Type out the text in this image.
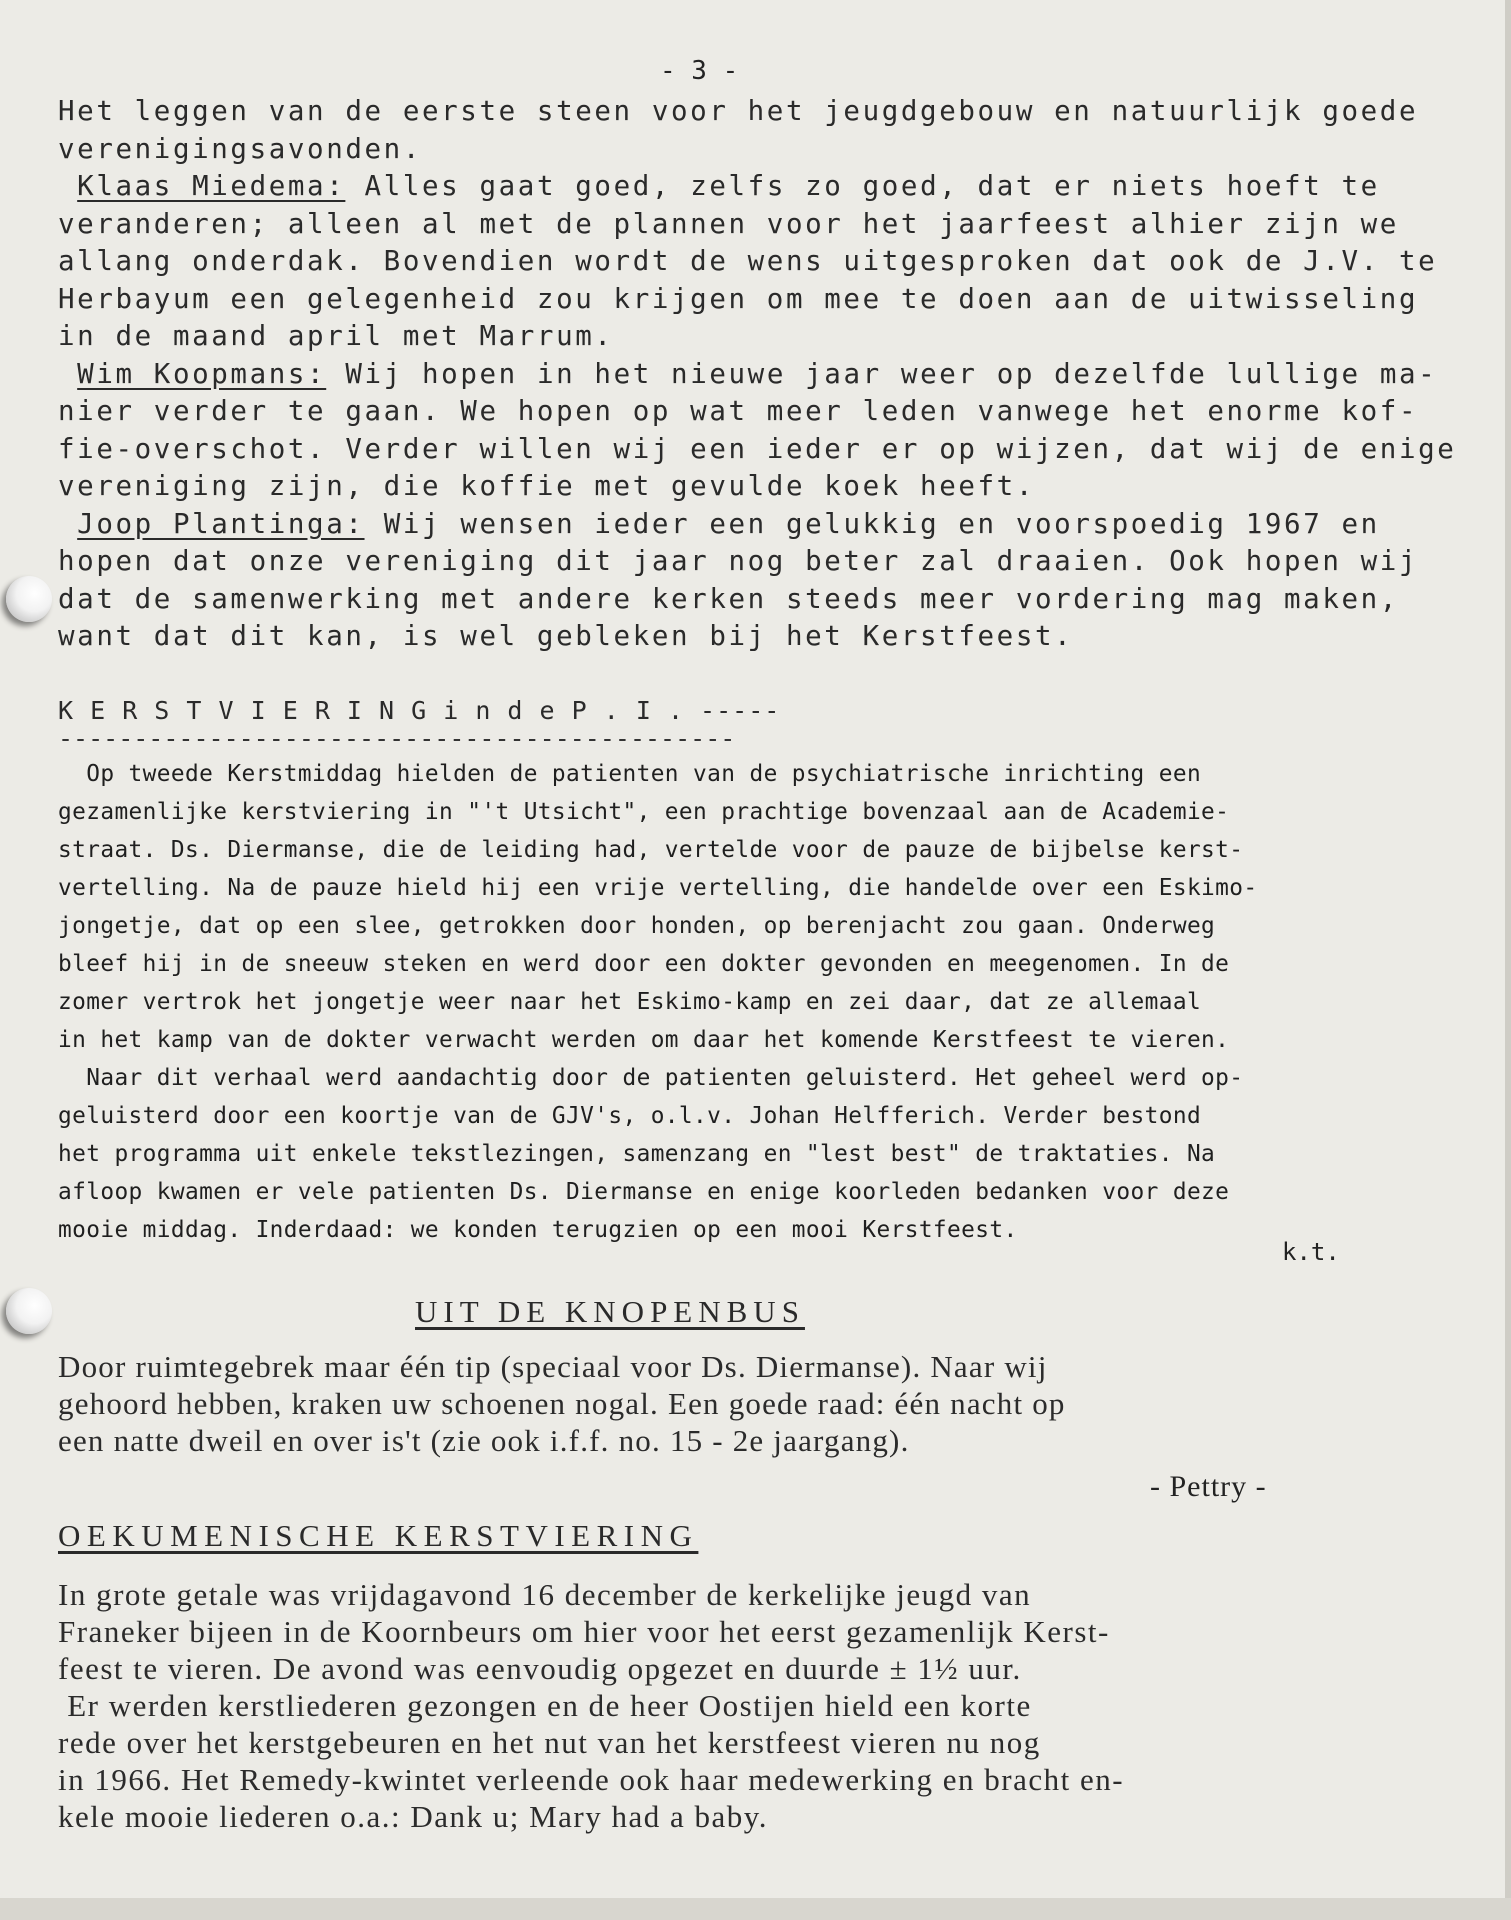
- 3 -
Het leggen van de eerste steen voor het jeugdgebouw en natuurlijk goede
verenigingsavonden.
Klaas Miedema: Alles gaat goed, zelfs zo goed, dat er niets hoeft te
veranderen; alleen al met de plannen voor het jaarfeest alhier zijn we
allang onderdak. Bovendien wordt de wens uitgesproken dat ook de J.V. te
Herbayum een gelegenheid zou krijgen om mee te doen aan de uitwisseling
in de maand april met Marrum.
Wim Koopmans: Wij hopen in het nieuwe jaar weer op dezelfde lullige ma-
nier verder te gaan. We hopen op wat meer leden vanwege het enorme kof-
fie-overschot. Verder willen wij een ieder er op wijzen, dat wij de enige
vereniging zijn, die koffie met gevulde koek heeft.
Joop Plantinga: Wij wensen ieder een gelukkig en voorspoedig 1967 en
hopen dat onze vereniging dit jaar nog beter zal draaien. Ook hopen wij
dat de samenwerking met andere kerken steeds meer vordering mag maken,
want dat dit kan, is wel gebleken bij het Kerstfeest.
K E R S T V I E R I N G i n d e P . I . -----
---------------------------------------------
Op tweede Kerstmiddag hielden de patienten van de psychiatrische inrichting een
gezamenlijke kerstviering in "'t Utsicht", een prachtige bovenzaal aan de Academie-
straat. Ds. Diermanse, die de leiding had, vertelde voor de pauze de bijbelse kerst-
vertelling. Na de pauze hield hij een vrije vertelling, die handelde over een Eskimo-
jongetje, dat op een slee, getrokken door honden, op berenjacht zou gaan. Onderweg
bleef hij in de sneeuw steken en werd door een dokter gevonden en meegenomen. In de
zomer vertrok het jongetje weer naar het Eskimo-kamp en zei daar, dat ze allemaal
in het kamp van de dokter verwacht werden om daar het komende Kerstfeest te vieren.
Naar dit verhaal werd aandachtig door de patienten geluisterd. Het geheel werd op-
geluisterd door een koortje van de GJV's, o.l.v. Johan Helfferich. Verder bestond
het programma uit enkele tekstlezingen, samenzang en "lest best" de traktaties. Na
afloop kwamen er vele patienten Ds. Diermanse en enige koorleden bedanken voor deze
mooie middag. Inderdaad: we konden terugzien op een mooi Kerstfeest.
k.t.
UIT DE KNOPENBUS
Door ruimtegebrek maar één tip (speciaal voor Ds. Diermanse). Naar wij
gehoord hebben, kraken uw schoenen nogal. Een goede raad: één nacht op
een natte dweil en over is't (zie ook i.f.f. no. 15 - 2e jaargang).
- Pettry -
OEKUMENISCHE KERSTVIERING
In grote getale was vrijdagavond 16 december de kerkelijke jeugd van
Franeker bijeen in de Koornbeurs om hier voor het eerst gezamenlijk Kerst-
feest te vieren. De avond was eenvoudig opgezet en duurde ± 1½ uur.
Er werden kerstliederen gezongen en de heer Oostijen hield een korte
rede over het kerstgebeuren en het nut van het kerstfeest vieren nu nog
in 1966. Het Remedy-kwintet verleende ook haar medewerking en bracht en-
kele mooie liederen o.a.: Dank u; Mary had a baby.
